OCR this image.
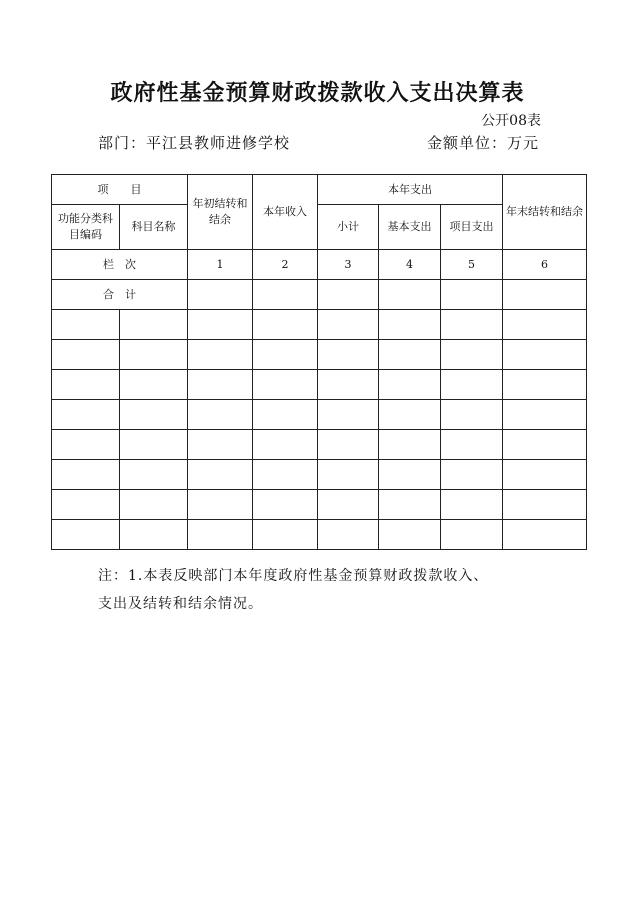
政府性基金预算财政拨款收入支出决算表
公开08表
部门：平江县教师进修学校	金额单位：万元
项　　目		年初结转和结余	本年收入	本年支出			年末结转和结余
功能分类科目编码	科目名称			小计	基本支出	项目支出	
栏　次		1	2	3	4	5	6
合　计							

注：1.本表反映部门本年度政府性基金预算财政拨款收入、

支出及结转和结余情况。
